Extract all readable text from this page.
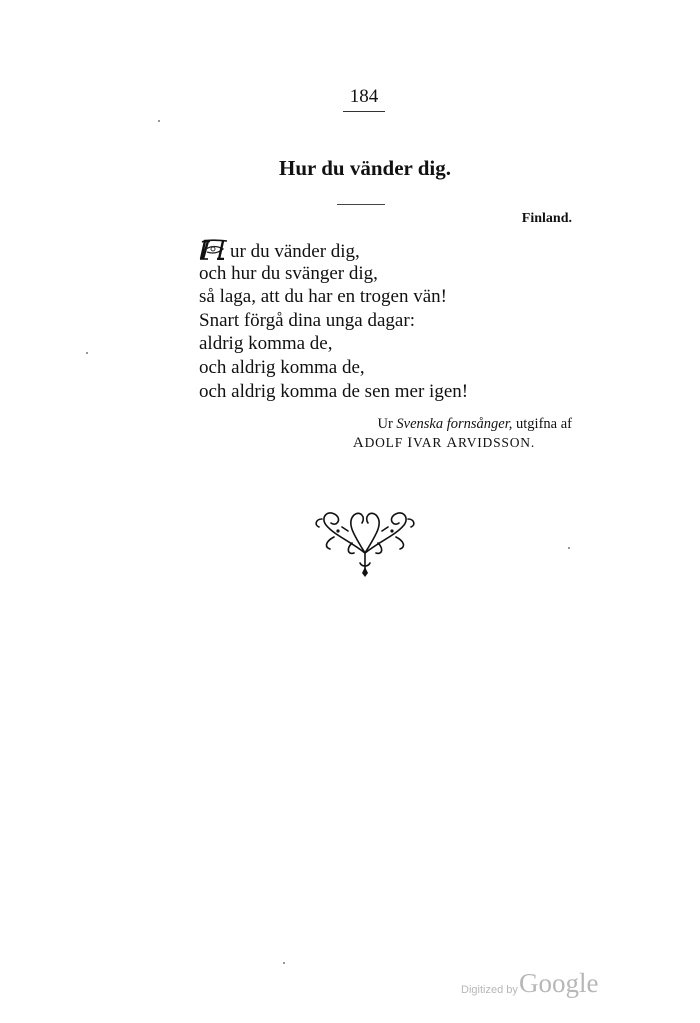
184
Hur du vänder dig.
Finland.
ur du vänder dig,
och hur du svänger dig,
så laga, att du har en trogen vän!
Snart förgå dina unga dagar:
aldrig komma de,
och aldrig komma de,
och aldrig komma de sen mer igen!
Ur Svenska fornsånger, utgifna af
ADOLF IVAR ARVIDSSON.
Digitized by Google
